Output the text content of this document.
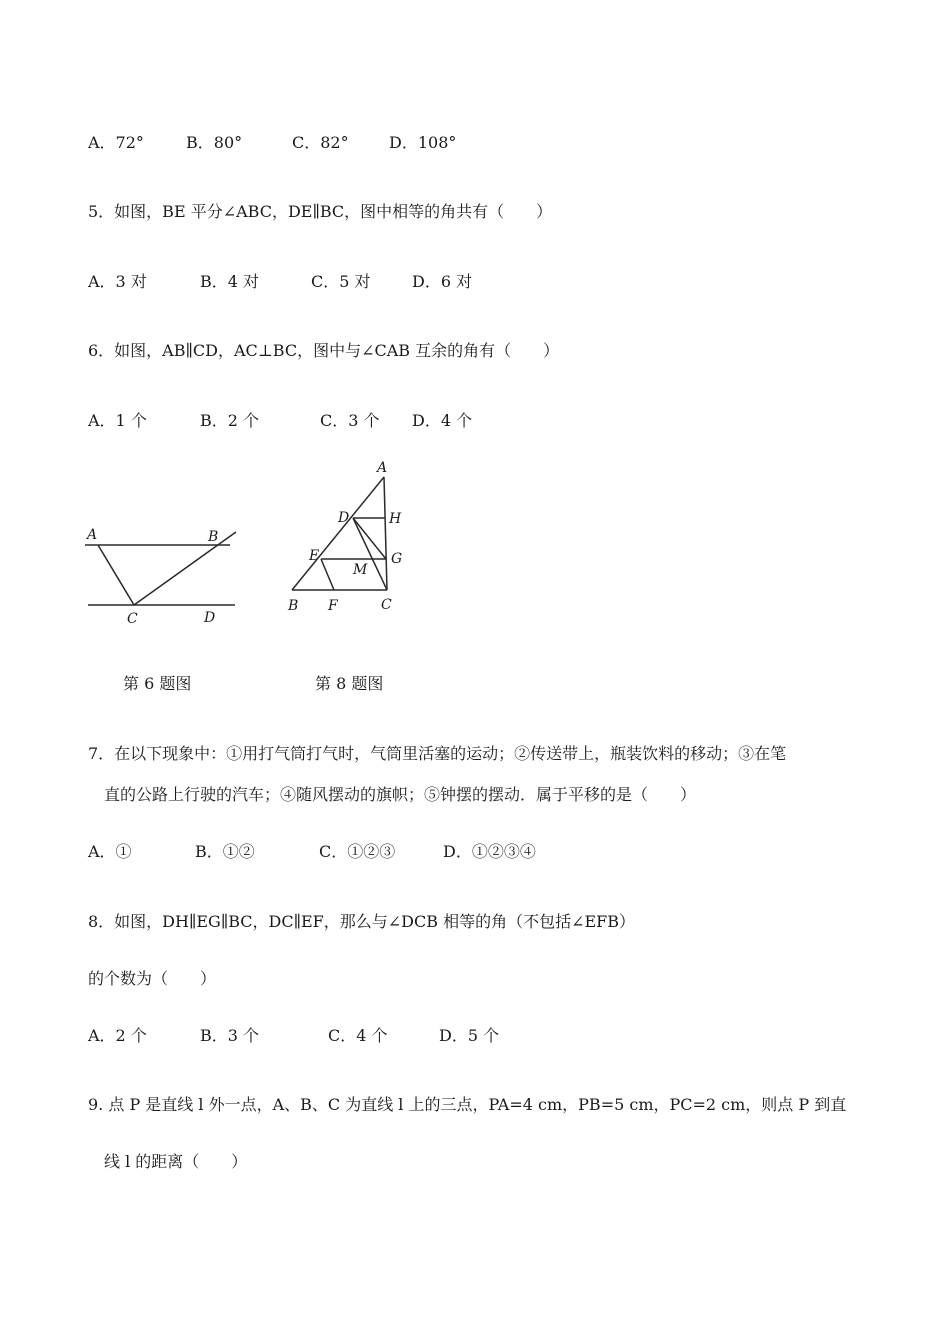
A．72°	B．80°	C．82°	D．108°
5．如图，BE 平分∠ABC，DE∥BC，图中相等的角共有（　　）
A．3 对	B．4 对	C．5 对	D．6 对
6．如图，AB∥CD，AC⊥BC，图中与∠CAB 互余的角有（　　）
A．1 个	B．2 个	C．3 个 D．4 个
A	B
C	D
A
D	H
E	G
M
B F	C
第 6 题图	第 8 题图
7．在以下现象中：①用打气筒打气时，气筒里活塞的运动；②传送带上，瓶装饮料的移动；③在笔
直的公路上行驶的汽车；④随风摆动的旗帜；⑤钟摆的摆动．属于平移的是（　　）
A．①	B．①②	C．①②③	D．①②③④
8．如图，DH∥EG∥BC，DC∥EF，那么与∠DCB 相等的角（不包括∠EFB）
的个数为（　　）
A．2 个	B．3 个	C．4 个	D．5 个
9. 点 P 是直线 l 外一点，A、B、C 为直线 l 上的三点，PA=4 cm，PB=5 cm，PC=2 cm，则点 P 到直
线 l 的距离（　　）
